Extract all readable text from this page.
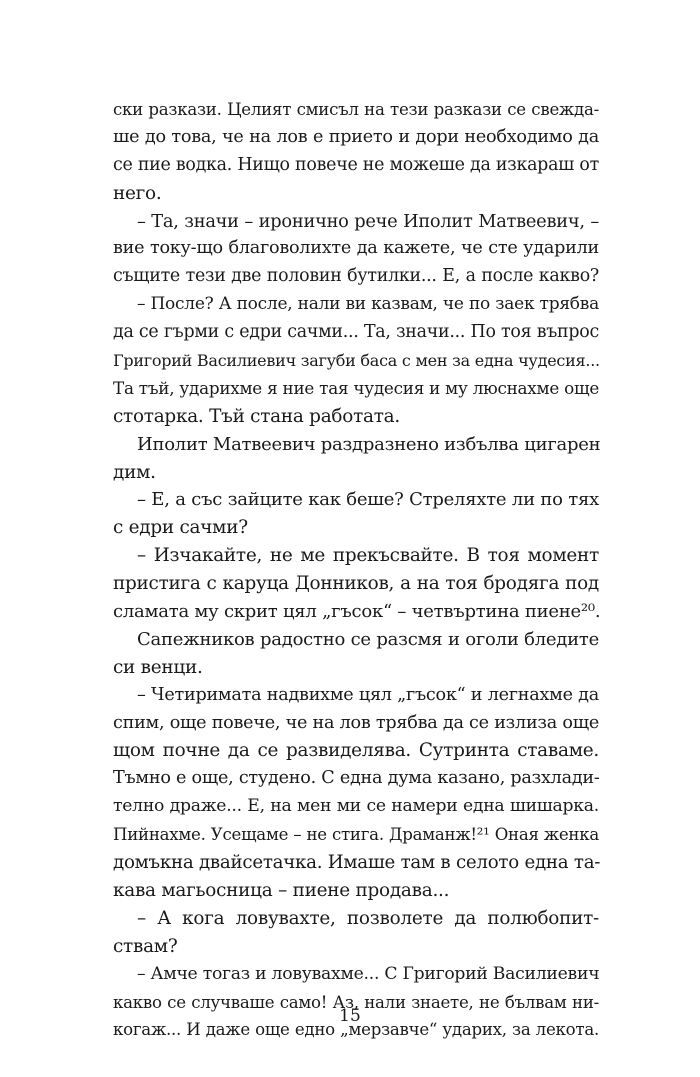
ски разкази. Целият смисъл на тези разкази се свежда-
ше до това, че на лов е прието и дори необходимо да
се пие водка. Нищо повече не можеше да изкараш от
него.
– Та, значи – иронично рече Иполит Матвеевич, –
вие току-що благоволихте да кажете, че сте ударили
същите тези две половин бутилки... Е, а после какво?
– После? А после, нали ви казвам, че по заек трябва
да се гърми с едри сачми... Та, значи... По тоя въпрос
Григорий Василиевич загуби баса с мен за една чудесия...
Та тъй, ударихме я ние тая чудесия и му люснахме още
стотарка. Тъй стана работата.
Иполит Матвеевич раздразнено избълва цигарен
дим.
– Е, а със зайците как беше? Стреляхте ли по тях
с едри сачми?
– Изчакайте, не ме прекъсвайте. В тоя момент
пристига с каруца Донников, а на тоя бродяга под
сламата му скрит цял „гъсок“ – четвъртина пиене²⁰.
Сапежников радостно се разсмя и оголи бледите
си венци.
– Четиримата надвихме цял „гъсок“ и легнахме да
спим, още повече, че на лов трябва да се излиза още
щом почне да се развиделява. Сутринта ставаме.
Тъмно е още, студено. С една дума казано, разхлади-
телно дражe... Е, на мен ми се намери една шишарка.
Пийнахме. Усещаме – не стига. Драманж!²¹ Оная женка
домъкна двайсетачка. Имаше там в селото една та-
кава магьосница – пиене продава...
– А кога ловувахте, позволете да полюбопит-
ствам?
– Амче тогаз и ловувахме... С Григорий Василиевич
какво се случваше само! Аз, нали знаете, не бълвам ни-
когаж... И даже още едно „мерзавче“ ударих, за лекота.
15
